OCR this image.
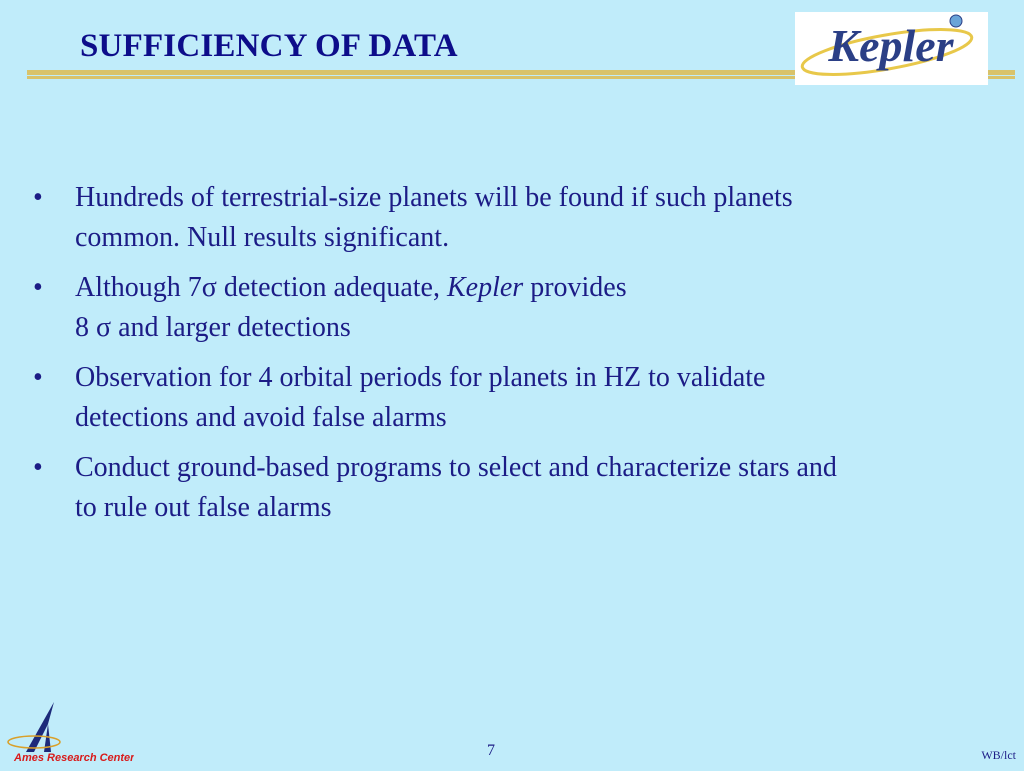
SUFFICIENCY OF DATA	Kepler
•	Hundreds of terrestrial-size planets will be found if such planets
common. Null results significant.
•	Although 7σ detection adequate, Kepler provides
8 σ and larger detections
•	Observation for 4 orbital periods for planets in HZ to validate
detections and avoid false alarms
•	Conduct ground-based programs to select and characterize stars and
to rule out false alarms
Ames Research Center	7	WB/lct
